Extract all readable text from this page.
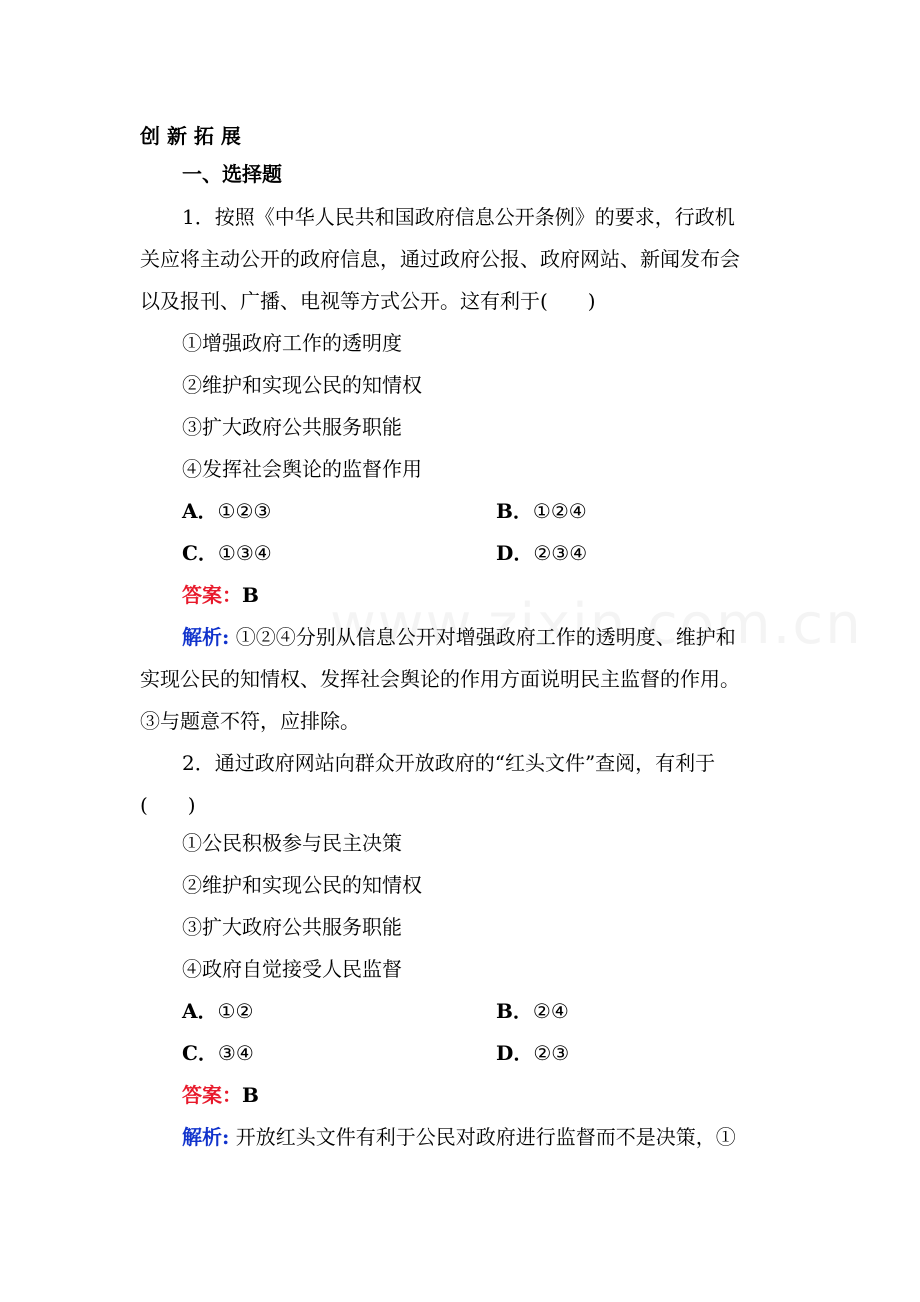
创 新 拓 展
一、选择题
1．按照《中华人民共和国政府信息公开条例》的要求，行政机
关应将主动公开的政府信息，通过政府公报、政府网站、新闻发布会
以及报刊、广播、电视等方式公开。这有利于(　　)
①增强政府工作的透明度
②维护和实现公民的知情权
③扩大政府公共服务职能
④发挥社会舆论的监督作用
A．①②③	B．①②④
C．①③④	D．②③④
答案：B
解析: ①②④分别从信息公开对增强政府工作的透明度、维护和
实现公民的知情权、发挥社会舆论的作用方面说明民主监督的作用。
③与题意不符，应排除。
2．通过政府网站向群众开放政府的“红头文件”查阅，有利于
(　　)
①公民积极参与民主决策
②维护和实现公民的知情权
③扩大政府公共服务职能
④政府自觉接受人民监督
A．①②	B．②④
C．③④	D．②③
答案：B
解析: 开放红头文件有利于公民对政府进行监督而不是决策，①
